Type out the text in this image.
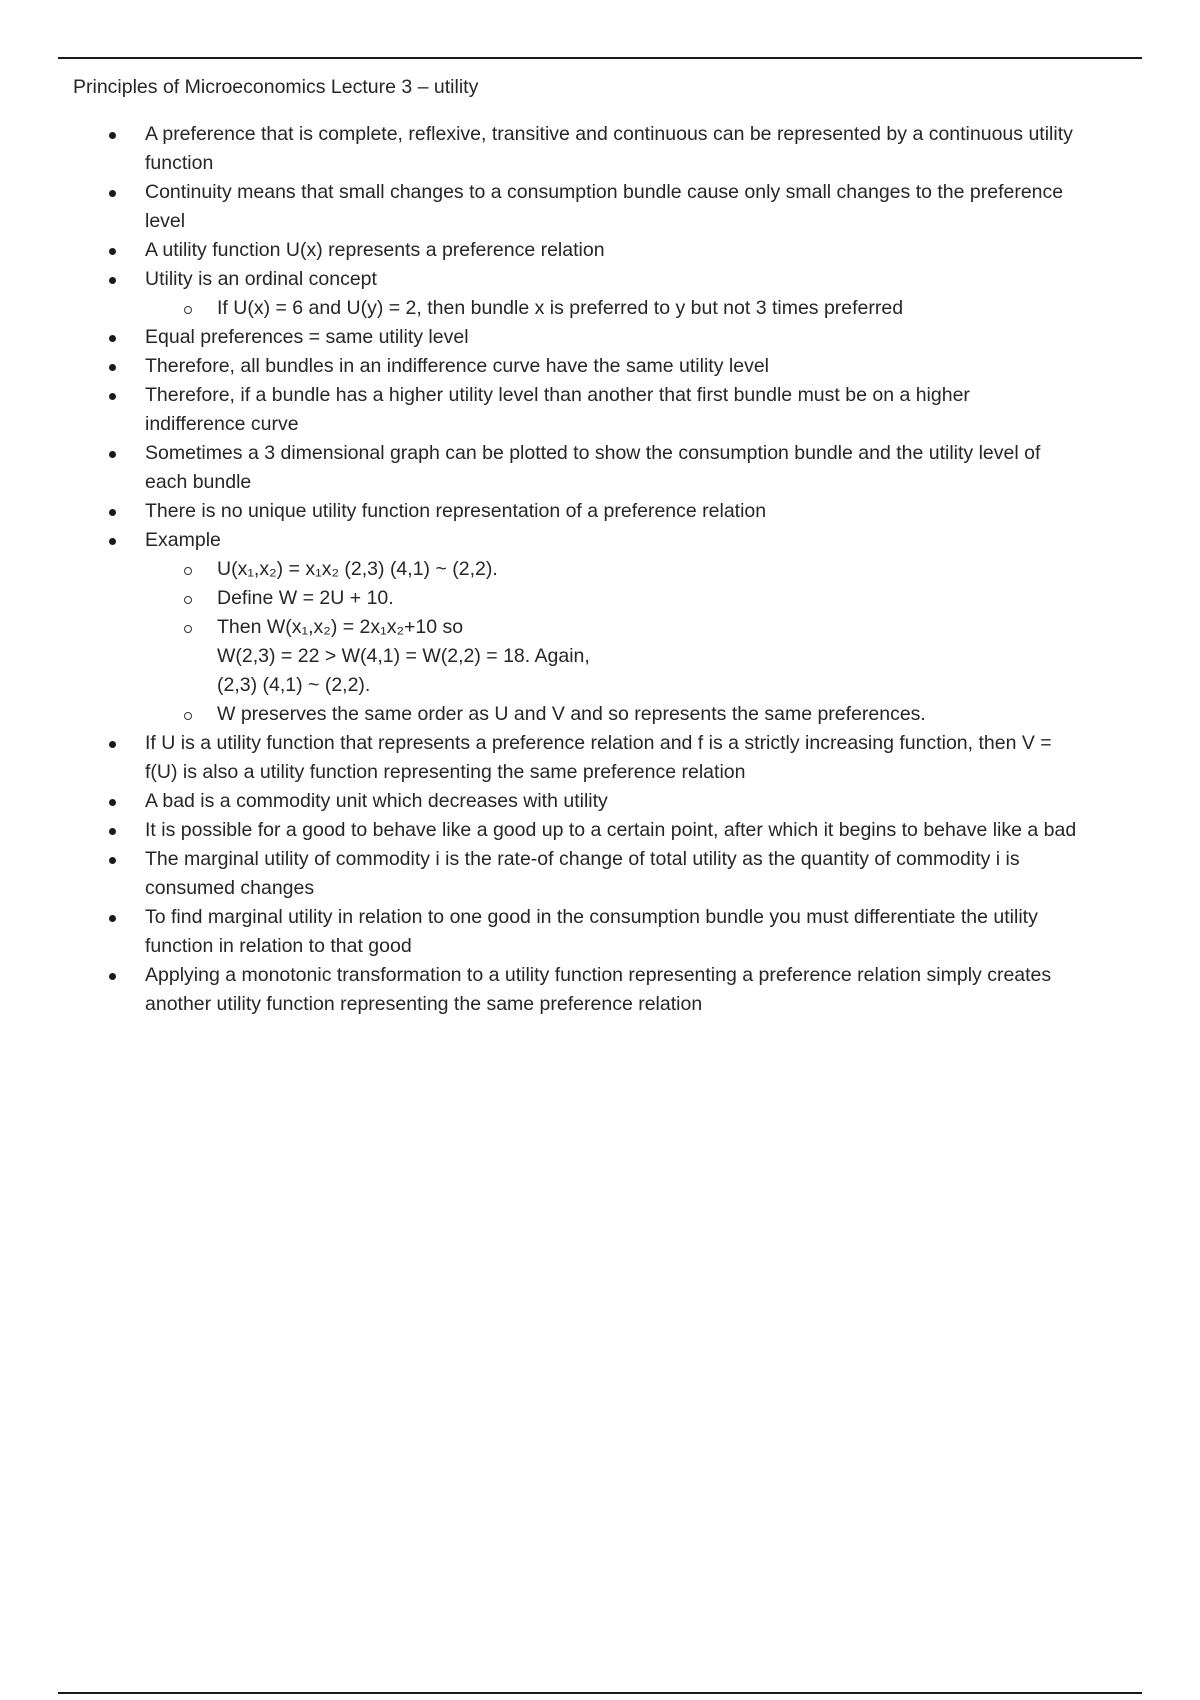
Principles of Microeconomics Lecture 3 – utility
A preference that is complete, reflexive, transitive and continuous can be represented by a continuous utility
function
Continuity means that small changes to a consumption bundle cause only small changes to the preference
level
A utility function U(x) represents a preference relation
Utility is an ordinal concept
If U(x) = 6 and U(y) = 2, then bundle x is preferred to y but not 3 times preferred
Equal preferences = same utility level
Therefore, all bundles in an indifference curve have the same utility level
Therefore, if a bundle has a higher utility level than another that first bundle must be on a higher
indifference curve
Sometimes a 3 dimensional graph can be plotted to show the consumption bundle and the utility level of
each bundle
There is no unique utility function representation of a preference relation
Example
U(x₁,x₂) = x₁x₂ (2,3) (4,1) ~ (2,2).
Define W = 2U + 10.
Then W(x₁,x₂) = 2x₁x₂+10 so
W(2,3) = 22 > W(4,1) = W(2,2) = 18. Again,
(2,3) (4,1) ~ (2,2).
W preserves the same order as U and V and so represents the same preferences.
If U is a utility function that represents a preference relation and f is a strictly increasing function, then V =
f(U) is also a utility function representing the same preference relation
A bad is a commodity unit which decreases with utility
It is possible for a good to behave like a good up to a certain point, after which it begins to behave like a bad
The marginal utility of commodity i is the rate-of change of total utility as the quantity of commodity i is
consumed changes
To find marginal utility in relation to one good in the consumption bundle you must differentiate the utility
function in relation to that good
Applying a monotonic transformation to a utility function representing a preference relation simply creates
another utility function representing the same preference relation
